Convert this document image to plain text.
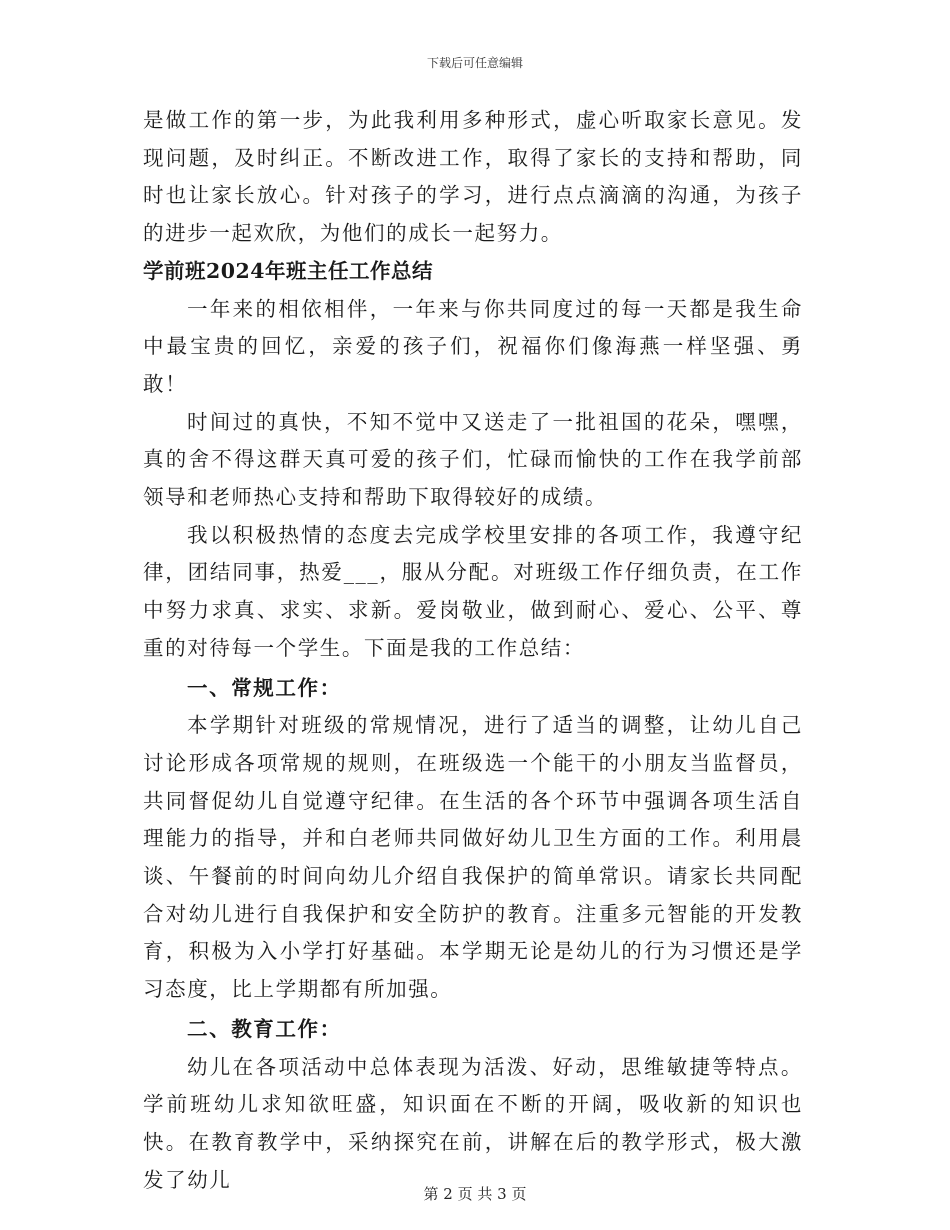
下载后可任意编辑

是做工作的第一步，为此我利用多种形式，虚心听取家长意见。发现问题，及时纠正。不断改进工作，取得了家长的支持和帮助，同时也让家长放心。针对孩子的学习，进行点点滴滴的沟通，为孩子的进步一起欢欣，为他们的成长一起努力。

学前班2024年班主任工作总结

一年来的相依相伴，一年来与你共同度过的每一天都是我生命中最宝贵的回忆，亲爱的孩子们，祝福你们像海燕一样坚强、勇敢！

时间过的真快，不知不觉中又送走了一批祖国的花朵，嘿嘿，真的舍不得这群天真可爱的孩子们，忙碌而愉快的工作在我学前部领导和老师热心支持和帮助下取得较好的成绩。

我以积极热情的态度去完成学校里安排的各项工作，我遵守纪律，团结同事，热爱___，服从分配。对班级工作仔细负责，在工作中努力求真、求实、求新。爱岗敬业，做到耐心、爱心、公平、尊重的对待每一个学生。下面是我的工作总结：

一、常规工作：

本学期针对班级的常规情况，进行了适当的调整，让幼儿自己讨论形成各项常规的规则，在班级选一个能干的小朋友当监督员，共同督促幼儿自觉遵守纪律。在生活的各个环节中强调各项生活自理能力的指导，并和白老师共同做好幼儿卫生方面的工作。利用晨谈、午餐前的时间向幼儿介绍自我保护的简单常识。请家长共同配合对幼儿进行自我保护和安全防护的教育。注重多元智能的开发教育，积极为入小学打好基础。本学期无论是幼儿的行为习惯还是学习态度，比上学期都有所加强。

二、教育工作：

幼儿在各项活动中总体表现为活泼、好动，思维敏捷等特点。学前班幼儿求知欲旺盛，知识面在不断的开阔，吸收新的知识也快。在教育教学中，采纳探究在前，讲解在后的教学形式，极大激发了幼儿

第 2 页 共 3 页
